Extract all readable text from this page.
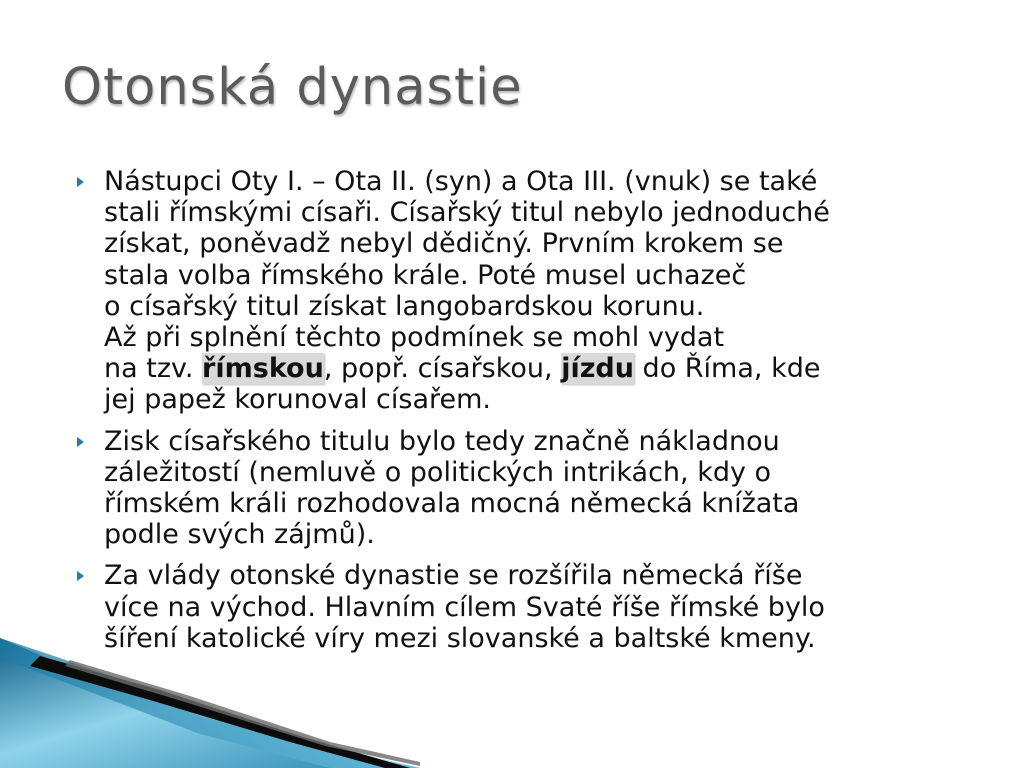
Otonská dynastie
Nástupci Oty I. – Ota II. (syn) a Ota III. (vnuk) se také
stali římskými císaři. Císařský titul nebylo jednoduché
získat, poněvadž nebyl dědičný. Prvním krokem se
stala volba římského krále. Poté musel uchazeč
o císařský titul získat langobardskou korunu.
Až při splnění těchto podmínek se mohl vydat
na tzv. římskou, popř. císařskou, jízdu do Říma, kde
jej papež korunoval císařem.
Zisk císařského titulu bylo tedy značně nákladnou
záležitostí (nemluvě o politických intrikách, kdy o
římském králi rozhodovala mocná německá knížata
podle svých zájmů).
Za vlády otonské dynastie se rozšířila německá říše
více na východ. Hlavním cílem Svaté říše římské bylo
šíření katolické víry mezi slovanské a baltské kmeny.
